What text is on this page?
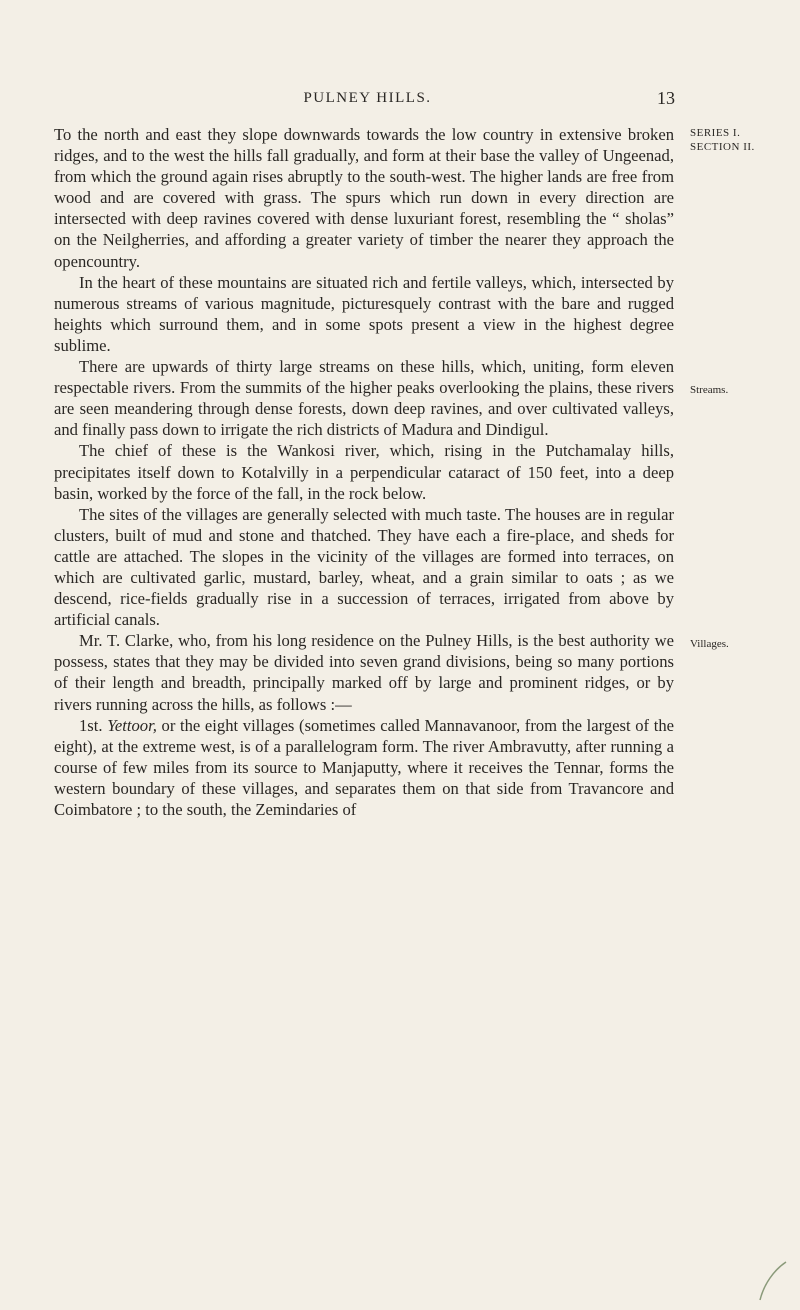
PULNEY HILLS.	13
SERIES I.
SECTION II.
Streams.
Villages.

To the north and east they slope downwards towards the low country in extensive broken ridges, and to the west the hills fall gradually, and form at their base the valley of Ungeenad, from which the ground again rises abruptly to the south-west. The higher lands are free from wood and are covered with grass. The spurs which run down in every direction are intersected with deep ravines covered with dense luxuriant forest, resembling the “ sholas” on the Neilgherries, and affording a greater variety of timber the nearer they approach the opencountry.

In the heart of these mountains are situated rich and fertile valleys, which, intersected by numerous streams of various magnitude, picturesquely contrast with the bare and rugged heights which surround them, and in some spots present a view in the highest degree sublime.

There are upwards of thirty large streams on these hills, which, uniting, form eleven respectable rivers. From the summits of the higher peaks overlooking the plains, these rivers are seen meandering through dense forests, down deep ravines, and over cultivated valleys, and finally pass down to irrigate the rich districts of Madura and Dindigul.

The chief of these is the Wankosi river, which, rising in the Putchamalay hills, precipitates itself down to Kotalvilly in a perpendicular cataract of 150 feet, into a deep basin, worked by the force of the fall, in the rock below.

The sites of the villages are generally selected with much taste. The houses are in regular clusters, built of mud and stone and thatched. They have each a fire-place, and sheds for cattle are attached. The slopes in the vicinity of the villages are formed into terraces, on which are cultivated garlic, mustard, barley, wheat, and a grain similar to oats ; as we descend, rice-fields gradually rise in a succession of terraces, irrigated from above by artificial canals.

Mr. T. Clarke, who, from his long residence on the Pulney Hills, is the best authority we possess, states that they may be divided into seven grand divisions, being so many portions of their length and breadth, principally marked off by large and prominent ridges, or by rivers running across the hills, as follows :—

1st. Yettoor, or the eight villages (sometimes called Mannavanoor, from the largest of the eight), at the extreme west, is of a parallelogram form. The river Ambravutty, after running a course of few miles from its source to Manjaputty, where it receives the Tennar, forms the western boundary of these villages, and separates them on that side from Travancore and Coimbatore ; to the south, the Zemindaries of
